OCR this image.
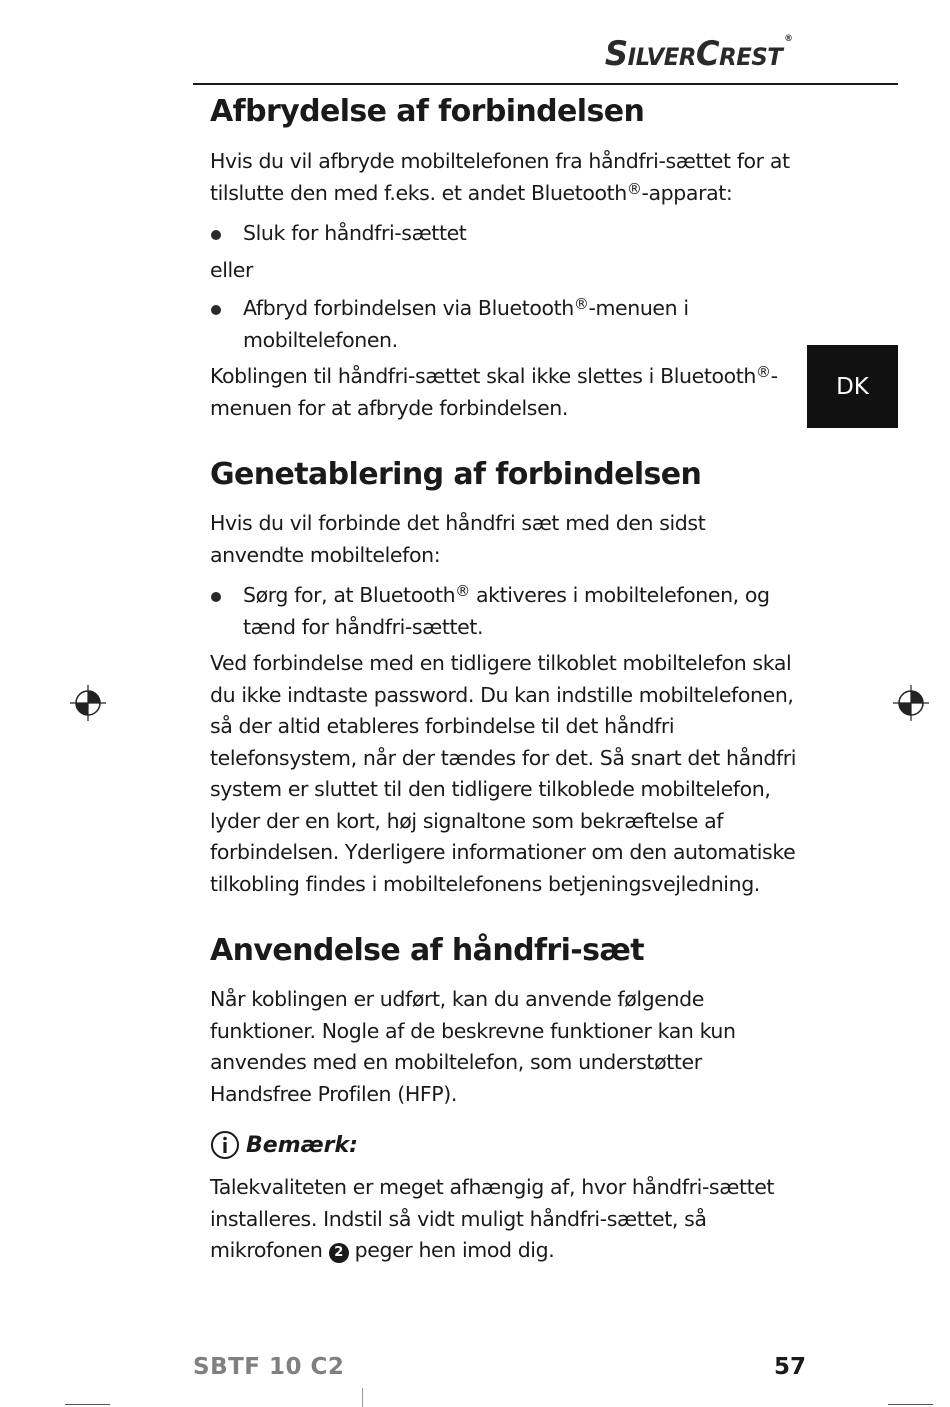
SilverCrest ®
DK
Afbrydelse af forbindelsen

Hvis du vil afbryde mobiltelefonen fra håndfri-sættet for at tilslutte den med f.eks. et andet Bluetooth®-apparat:

Sluk for håndfri-sættet

eller

Afbryd forbindelsen via Bluetooth®-menuen i mobiltelefonen.

Koblingen til håndfri-sættet skal ikke slettes i Bluetooth®-menuen for at afbryde forbindelsen.

Genetablering af forbindelsen

Hvis du vil forbinde det håndfri sæt med den sidst anvendte mobiltelefon:

Sørg for, at Bluetooth® aktiveres i mobiltelefonen, og tænd for håndfri-sættet.

Ved forbindelse med en tidligere tilkoblet mobiltelefon skal du ikke indtaste password. Du kan indstille mobiltelefonen, så der altid etableres forbindelse til det håndfri telefonsystem, når der tændes for det. Så snart det håndfri system er sluttet til den tidligere tilkoblede mobiltelefon, lyder der en kort, høj signaltone som bekræftelse af forbindelsen. Yderligere informationer om den automatiske tilkobling findes i mobiltelefonens betjeningsvejledning.

Anvendelse af håndfri-sæt

Når koblingen er udført, kan du anvende følgende funktioner. Nogle af de beskrevne funktioner kan kun anvendes med en mobiltelefon, som understøtter Handsfree Profilen (HFP).

Bemærk:

Talekvaliteten er meget afhængig af, hvor håndfri-sættet installeres. Indstil så vidt muligt håndfri-sættet, så mikrofonen 2 peger hen imod dig.

SBTF 10 C2	57
